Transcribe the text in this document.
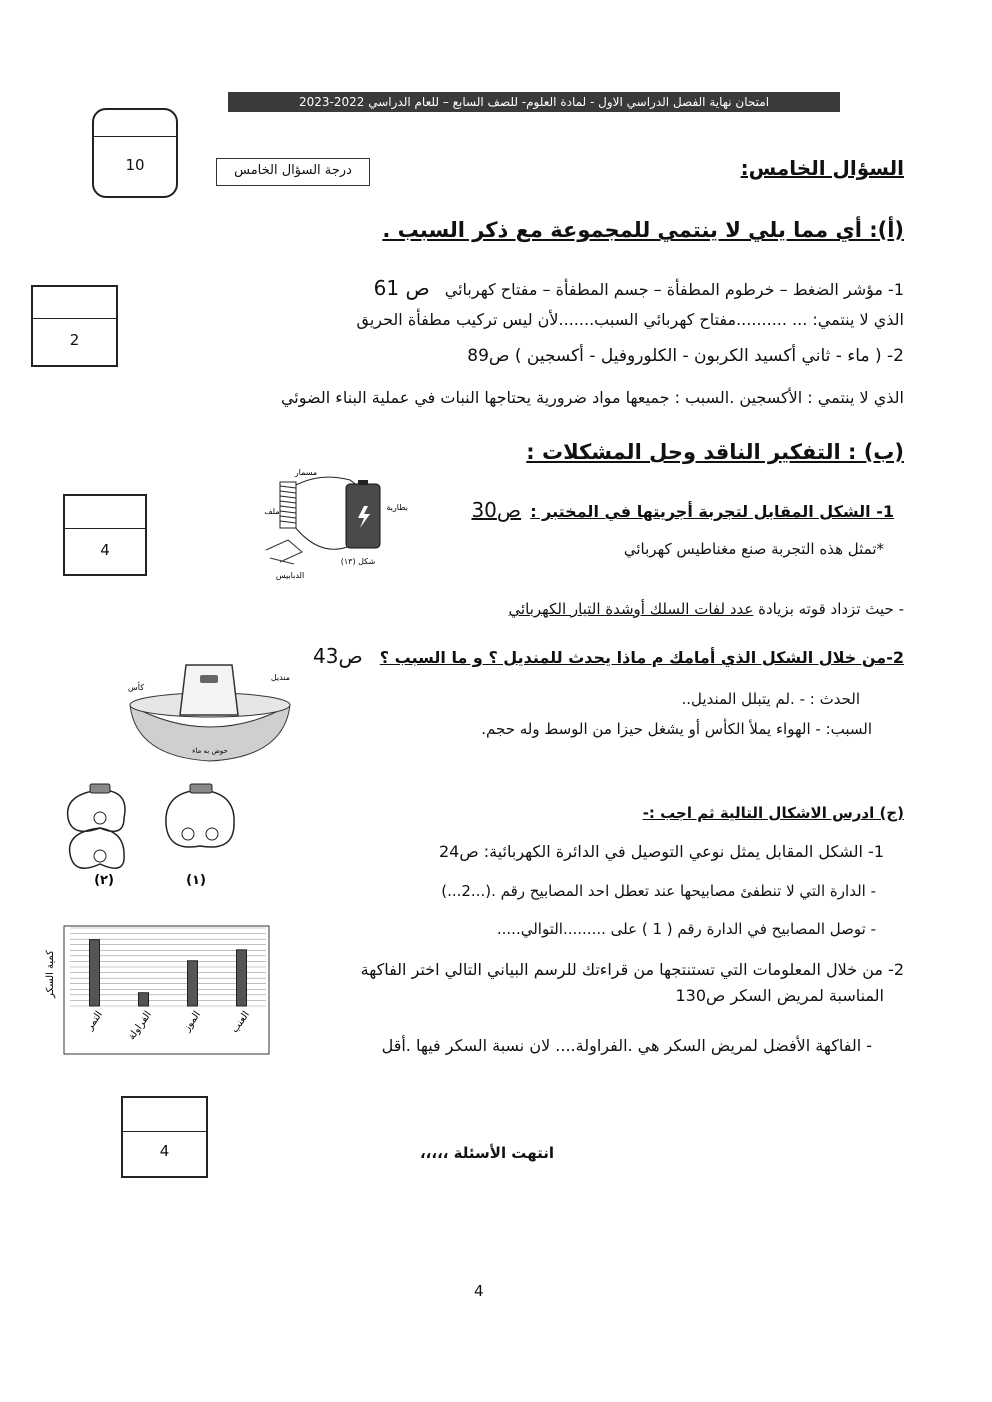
امتحان نهاية الفصل الدراسي الاول - لمادة العلوم- للصف السابع – للعام الدراسي 2022-2023
10	درجة السؤال الخامس	السؤال الخامس:
(أ): أي مما يلي لا ينتمي للمجموعة مع ذكر السبب .
2
1- مؤشر الضغط – خرطوم المطفأة – جسم المطفأة – مفتاح كهربائي ص 61
الذي لا ينتمي: ... ..........مفتاح كهربائي السبب.......لأن ليس تركيب مطفأة الحريق
2- ( ماء - ثاني أكسيد الكربون - الكلوروفيل - أكسجين ) ص89
الذي لا ينتمي : الأكسجين .السبب : جميعها مواد ضرورية يحتاجها النبات في عملية البناء الضوئي
(ب) : التفكير الناقد وحل المشكلات :
4
مسمار
بطارية
ملف
الدبابيس
شكل (١٣)
1- الشكل المقابل لتجربة أجريتها في المختبر : ص30
*تمثل هذه التجربة صنع مغناطيس كهربائي
- حيث تزداد قوته بزيادة عدد لفات السلك أوشدة التيار الكهربائي
2-من خلال الشكل الذي أمامك م ماذا يحدث للمنديل ؟ و ما السبب ؟ ص43
منديل
كأس
حوض به ماء
الحدث : - .لم يتبلل المنديل..
السبب: - الهواء يملأ الكأس أو يشغل حيزا من الوسط وله حجم.
(٢)	(١)
(ج) ادرس الاشكال التالية ثم اجب :-
1- الشكل المقابل يمثل نوعي التوصيل في الدائرة الكهربائية: ص24
- الدارة التي لا تنطفئ مصابيحها عند تعطل احد المصابيح رقم .(...2...)
- توصل المصابيح في الدارة رقم ( 1 ) على .........التوالي.....
2- من خلال المعلومات التي تستنتجها من قراءتك للرسم البياني التالي اختر الفاكهة
المناسبة لمريض السكر ص130
- الفاكهة الأفضل لمريض السكر هي .الفراولة.... لان نسبة السكر فيها .أقل
التمر الفراولة	الموز	العنب
كمية السكر
4	انتهت الأسئلة ،،،،،
4
